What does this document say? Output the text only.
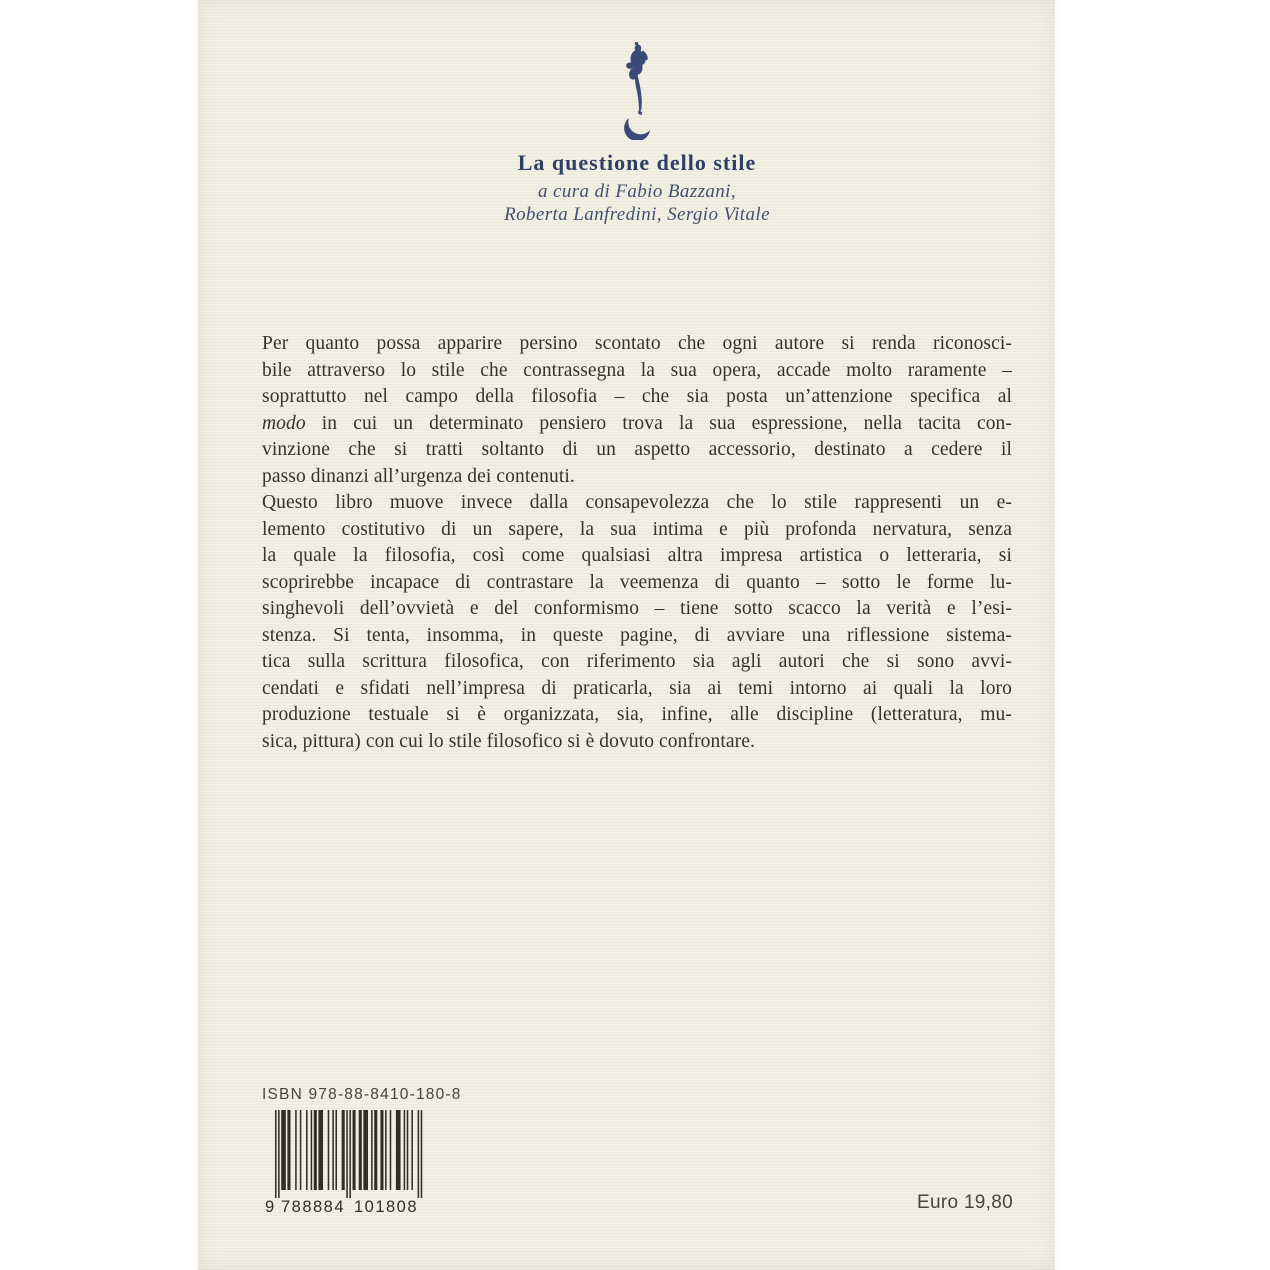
La questione dello stile
a cura di Fabio Bazzani,
Roberta Lanfredini, Sergio Vitale
Per quanto possa apparire persino scontato che ogni autore si renda riconosci-
bile attraverso lo stile che contrassegna la sua opera, accade molto raramente –
soprattutto nel campo della filosofia – che sia posta un’attenzione specifica al
modo in cui un determinato pensiero trova la sua espressione, nella tacita con-
vinzione che si tratti soltanto di un aspetto accessorio, destinato a cedere il
passo dinanzi all’urgenza dei contenuti.
Questo libro muove invece dalla consapevolezza che lo stile rappresenti un e-
lemento costitutivo di un sapere, la sua intima e più profonda nervatura, senza
la quale la filosofia, così come qualsiasi altra impresa artistica o letteraria, si
scoprirebbe incapace di contrastare la veemenza di quanto – sotto le forme lu-
singhevoli dell’ovvietà e del conformismo – tiene sotto scacco la verità e l’esi-
stenza. Si tenta, insomma, in queste pagine, di avviare una riflessione sistema-
tica sulla scrittura filosofica, con riferimento sia agli autori che si sono avvi-
cendati e sfidati nell’impresa di praticarla, sia ai temi intorno ai quali la loro
produzione testuale si è organizzata, sia, infine, alle discipline (letteratura, mu-
sica, pittura) con cui lo stile filosofico si è dovuto confrontare.
ISBN 978-88-8410-180-8
9 788884 101808	Euro 19,80
